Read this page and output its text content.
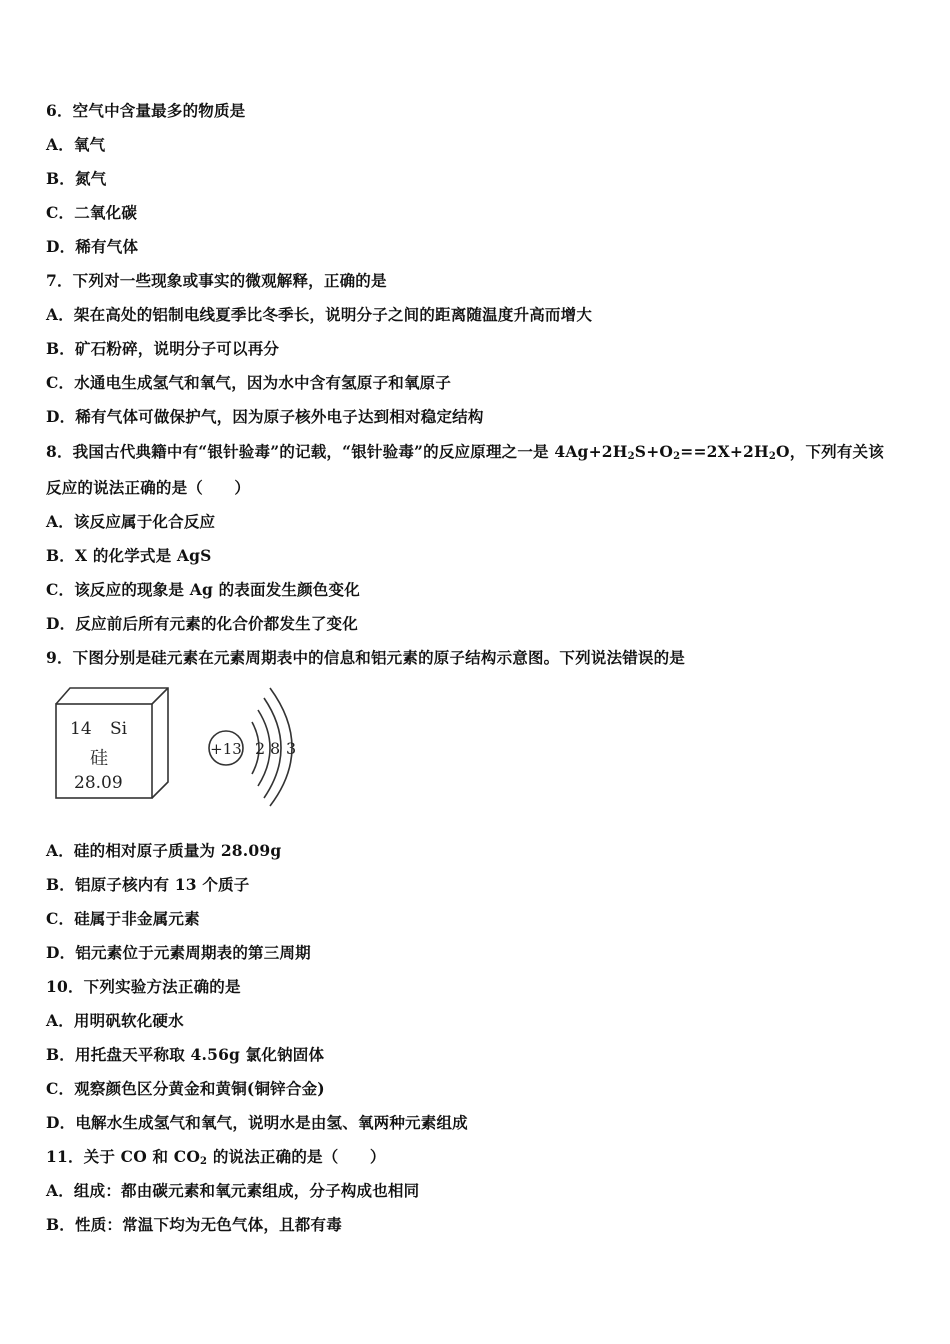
6．空气中含量最多的物质是
A．氧气
B．氮气
C．二氧化碳
D．稀有气体
7．下列对一些现象或事实的微观解释，正确的是
A．架在高处的铝制电线夏季比冬季长，说明分子之间的距离随温度升高而增大
B．矿石粉碎，说明分子可以再分
C．水通电生成氢气和氧气，因为水中含有氢原子和氧原子
D．稀有气体可做保护气，因为原子核外电子达到相对稳定结构
8．我国古代典籍中有“银针验毒”的记载，“银针验毒”的反应原理之一是 $4Ag+2H_2S+O_2==2X+2H_2O$，下列有关该
反应的说法正确的是（　　）
A．该反应属于化合反应
B．X 的化学式是 AgS
C．该反应的现象是 Ag 的表面发生颜色变化
D．反应前后所有元素的化合价都发生了变化
9．下图分别是硅元素在元素周期表中的信息和铝元素的原子结构示意图。下列说法错误的是
14 Si
硅
28.09
+13 2 8 3
A．硅的相对原子质量为 28.09g
B．铝原子核内有 13 个质子
C．硅属于非金属元素
D．铝元素位于元素周期表的第三周期
10．下列实验方法正确的是
A．用明矾软化硬水
B．用托盘天平称取 4.56g 氯化钠固体
C．观察颜色区分黄金和黄铜(铜锌合金)
D．电解水生成氢气和氧气，说明水是由氢、氧两种元素组成
11．关于 CO 和 $CO_2$ 的说法正确的是（　　）
A．组成：都由碳元素和氧元素组成，分子构成也相同
B．性质：常温下均为无色气体，且都有毒
